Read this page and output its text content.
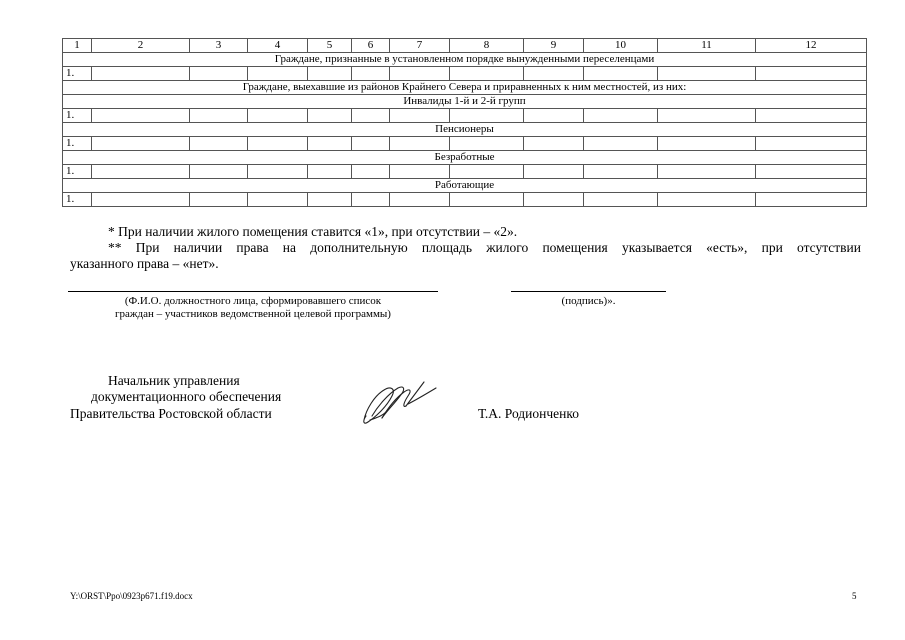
1	2	3	4	5	6	7	8	9	10	11	12
Граждане, признанные в установленном порядке вынужденными переселенцами											
1.											
Граждане, выехавшие из районов Крайнего Севера и приравненных к ним местностей, из них:											
Инвалиды 1-й и 2-й групп											
1.											
Пенсионеры											
1.											
Безработные											
1.											
Работающие											
1.											
* При наличии жилого помещения ставится «1», при отсутствии – «2».
** При наличии права на дополнительную площадь жилого помещения указывается «есть», при отсутствии
указанного права – «нет».
(Ф.И.О. должностного лица, сформировавшего список
граждан – участников ведомственной целевой программы)
(подпись)».
Начальник управления
документационного обеспечения
Правительства Ростовской области	Т.А. Родионченко
Y:\ORST\Ppo\0923p671.f19.docx	5
